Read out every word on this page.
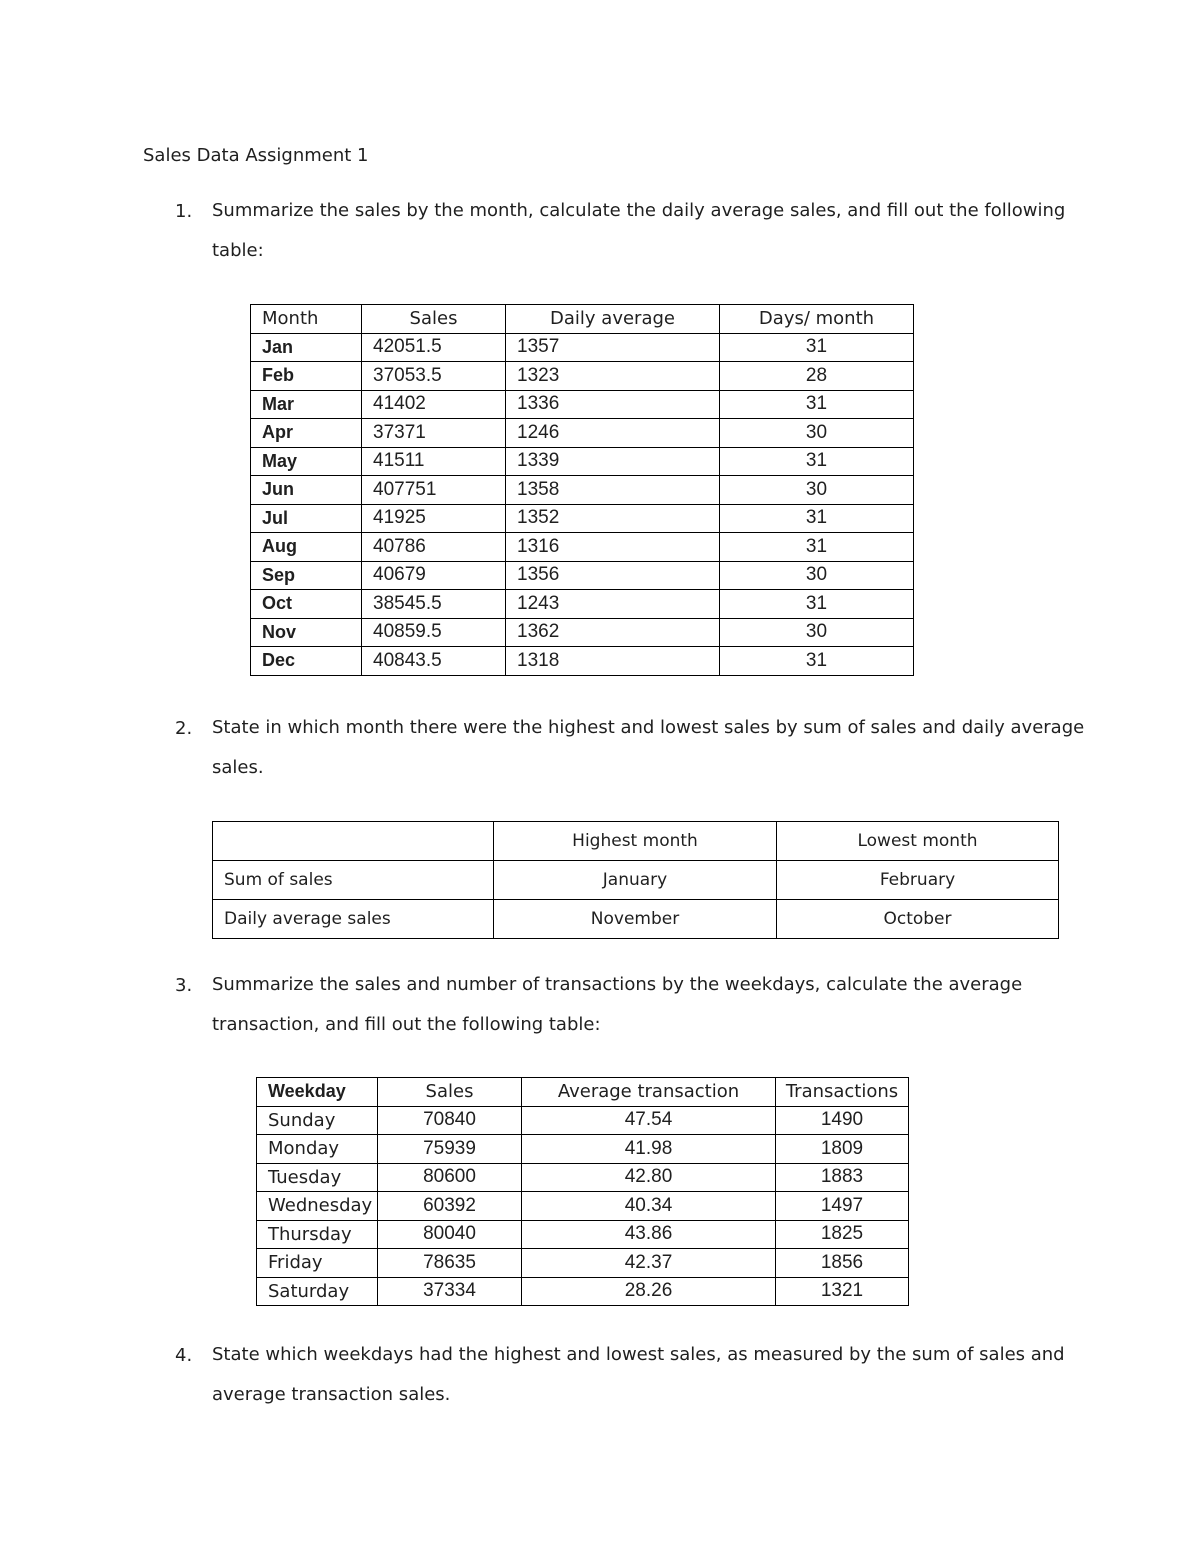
Sales Data Assignment 1
1.	Summarize the sales by the month, calculate the daily average sales, and fill out the following
table:
Month	Sales	Daily average	Days/ month
Jan	42051.5	1357	31
Feb	37053.5	1323	28
Mar	41402	1336	31
Apr	37371	1246	30
May	41511	1339	31
Jun	407751	1358	30
Jul	41925	1352	31
Aug	40786	1316	31
Sep	40679	1356	30
Oct	38545.5	1243	31
Nov	40859.5	1362	30
Dec	40843.5	1318	31
2.	State in which month there were the highest and lowest sales by sum of sales and daily average
sales.
	Highest month	Lowest month
Sum of sales	January	February
Daily average sales	November	October
3.	Summarize the sales and number of transactions by the weekdays, calculate the average
transaction, and fill out the following table:
Weekday	Sales	Average transaction	Transactions
Sunday	70840	47.54	1490
Monday	75939	41.98	1809
Tuesday	80600	42.80	1883
Wednesday	60392	40.34	1497
Thursday	80040	43.86	1825
Friday	78635	42.37	1856
Saturday	37334	28.26	1321
4.	State which weekdays had the highest and lowest sales, as measured by the sum of sales and
average transaction sales.
